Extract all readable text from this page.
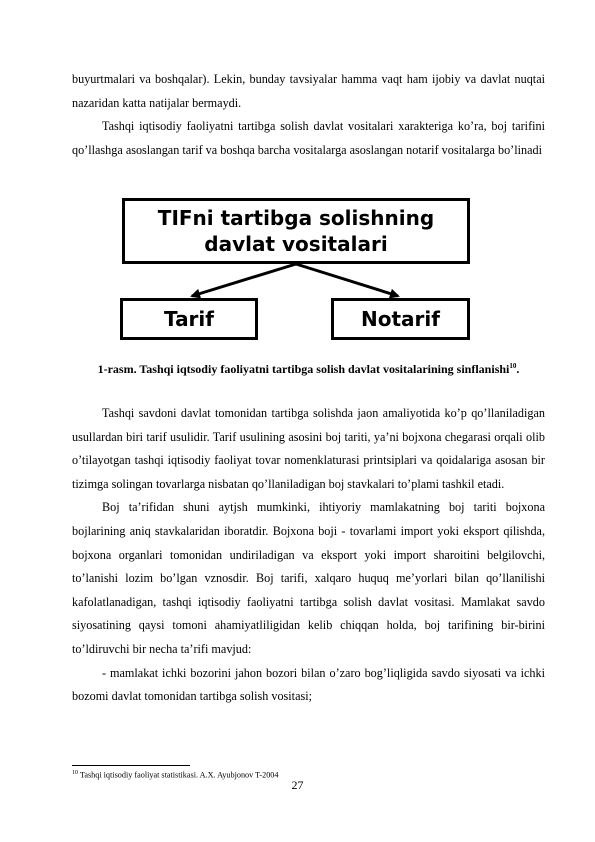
buyurtmalari va boshqalar). Lekin, bunday tavsiyalar hamma vaqt ham ijobiy va davlat nuqtai nazaridan katta natijalar bermaydi.

Tashqi iqtisodiy faoliyatni tartibga solish davlat vositalari xarakteriga ko’ra, boj tarifini qo’llashga asoslangan tarif va boshqa barcha vositalarga asoslangan notarif vositalarga bo’linadi

TIFni tartibga solishning davlat vositalari
Tarif	Notarif
1-rasm. Tashqi iqtsodiy faoliyatni tartibga solish davlat vositalarining sinflanishi$^{10}$.

Tashqi savdoni davlat tomonidan tartibga solishda jaon amaliyotida ko’p qo’llaniladigan usullardan biri tarif usulidir. Tarif usulining asosini boj tariti, ya’ni bojxona chegarasi orqali olib o’tilayotgan tashqi iqtisodiy faoliyat tovar nomenklaturasi printsiplari va qoidalariga asosan bir tizimga solingan tovarlarga nisbatan qo’llaniladigan boj stavkalari to’plami tashkil etadi.

Boj ta’rifidan shuni aytjsh mumkinki, ihtiyoriy mamlakatning boj tariti bojxona bojlarining aniq stavkalaridan iboratdir. Bojxona boji - tovarlami import yoki eksport qilishda, bojxona organlari tomonidan undiriladigan va eksport yoki import sharoitini belgilovchi, to’lanishi lozim bo’lgan vznosdir. Boj tarifi, xalqaro huquq me’yorlari bilan qo’llanilishi kafolatlanadigan, tashqi iqtisodiy faoliyatni tartibga solish davlat vositasi. Mamlakat savdo siyosatining qaysi tomoni ahamiyatliligidan kelib chiqqan holda, boj tarifining bir-birini to’ldiruvchi bir necha ta’rifi mavjud:

- mamlakat ichki bozorini jahon bozori bilan o’zaro bog’liqligida savdo siyosati va ichki bozomi davlat tomonidan tartibga solish vositasi;

$^{10}$ Tashqi iqtisodiy faoliyat statistikasi. A.X. Ayubjonov T-2004
27
